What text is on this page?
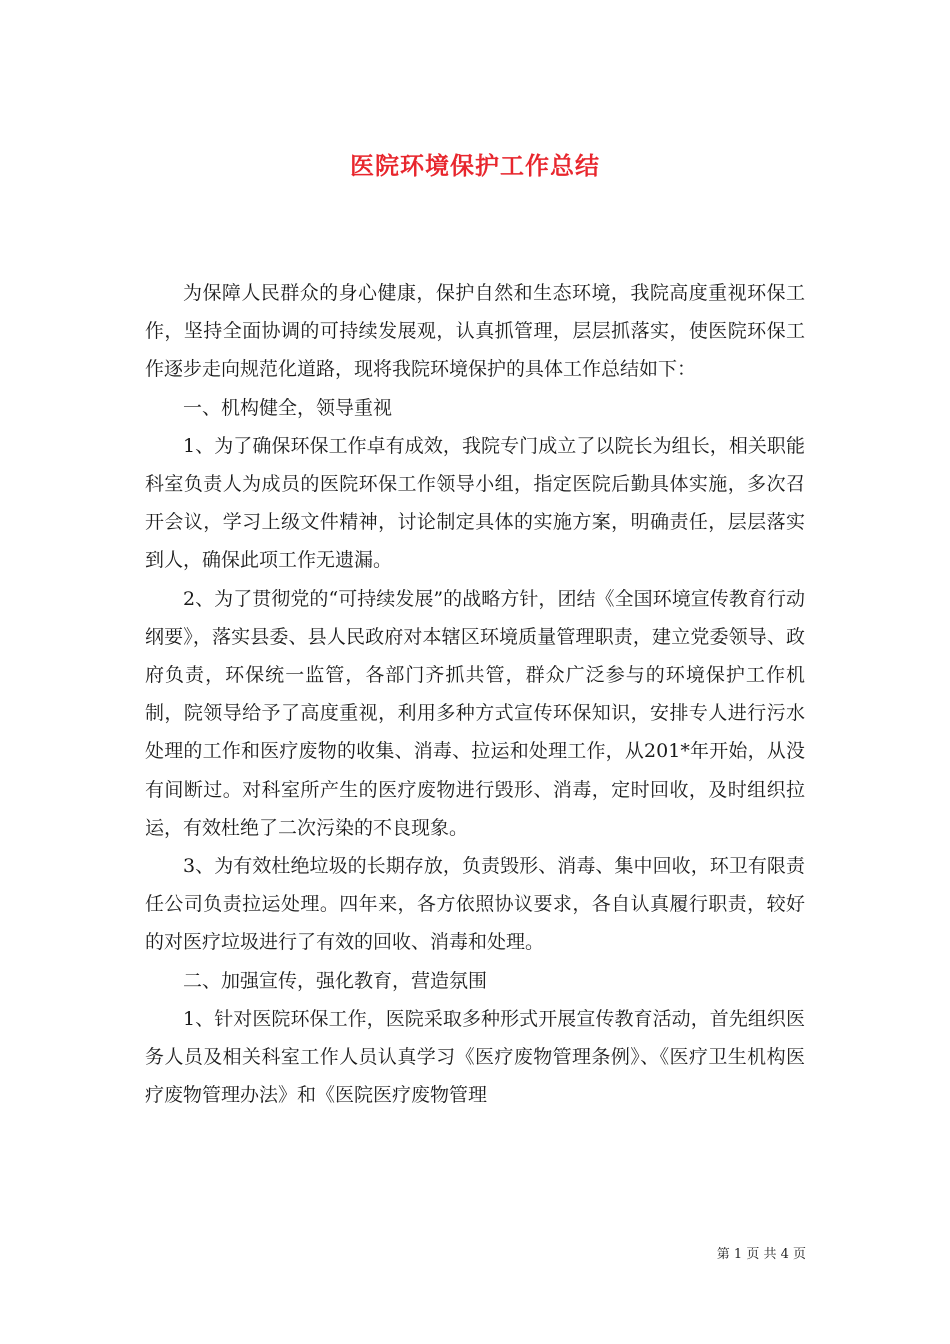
医院环境保护工作总结

为保障人民群众的身心健康，保护自然和生态环境，我院高度重视环保工作，坚持全面协调的可持续发展观，认真抓管理，层层抓落实，使医院环保工作逐步走向规范化道路，现将我院环境保护的具体工作总结如下：

一、机构健全，领导重视

1、为了确保环保工作卓有成效，我院专门成立了以院长为组长，相关职能科室负责人为成员的医院环保工作领导小组，指定医院后勤具体实施，多次召开会议，学习上级文件精神，讨论制定具体的实施方案，明确责任，层层落实到人，确保此项工作无遗漏。

2、为了贯彻党的“可持续发展”的战略方针，团结《全国环境宣传教育行动纲要》，落实县委、县人民政府对本辖区环境质量管理职责，建立党委领导、政府负责，环保统一监管，各部门齐抓共管，群众广泛参与的环境保护工作机制，院领导给予了高度重视，利用多种方式宣传环保知识，安排专人进行污水处理的工作和医疗废物的收集、消毒、拉运和处理工作，从201*年开始，从没有间断过。对科室所产生的医疗废物进行毁形、消毒，定时回收，及时组织拉运，有效杜绝了二次污染的不良现象。

3、为有效杜绝垃圾的长期存放，负责毁形、消毒、集中回收，环卫有限责任公司负责拉运处理。四年来，各方依照协议要求，各自认真履行职责，较好的对医疗垃圾进行了有效的回收、消毒和处理。

二、加强宣传，强化教育，营造氛围

1、针对医院环保工作，医院采取多种形式开展宣传教育活动，首先组织医务人员及相关科室工作人员认真学习《医疗废物管理条例》、《医疗卫生机构医疗废物管理办法》和《医院医疗废物管理

第 1 页 共 4 页
